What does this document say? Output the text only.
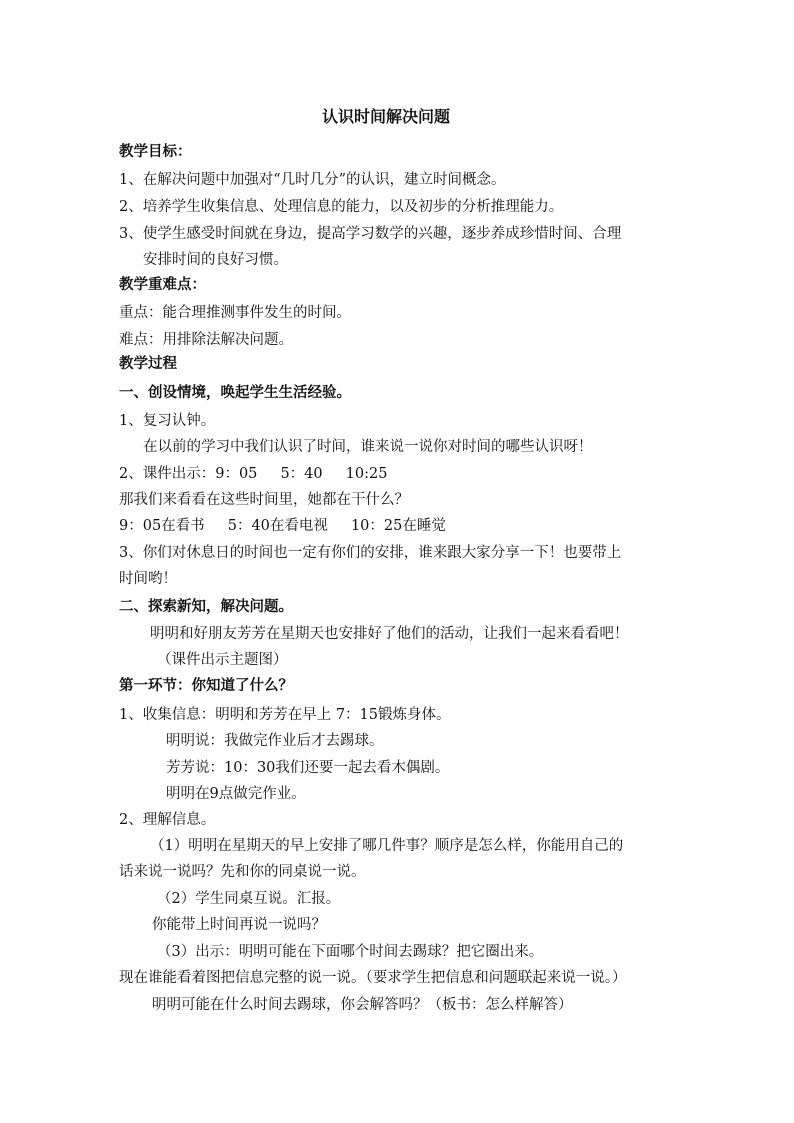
认识时间解决问题
教学目标：
1、在解决问题中加强对“几时几分”的认识，建立时间概念。
2、培养学生收集信息、处理信息的能力，以及初步的分析推理能力。
3、使学生感受时间就在身边，提高学习数学的兴趣，逐步养成珍惜时间、合理
安排时间的良好习惯。
教学重难点：
重点：能合理推测事件发生的时间。
难点：用排除法解决问题。
教学过程
一、创设情境，唤起学生生活经验。
1、复习认钟。
在以前的学习中我们认识了时间，谁来说一说你对时间的哪些认识呀！
2、课件出示：9：05     5：40     10:25
那我们来看看在这些时间里，她都在干什么？
9：05在看书     5：40在看电视     10：25在睡觉
3、你们对休息日的时间也一定有你们的安排，谁来跟大家分享一下！也要带上
时间哟！
二、探索新知，解决问题。
明明和好朋友芳芳在星期天也安排好了他们的活动，让我们一起来看看吧！
（课件出示主题图）
第一环节：你知道了什么？
1、收集信息：明明和芳芳在早上 7：15锻炼身体。
明明说：我做完作业后才去踢球。
芳芳说：10：30我们还要一起去看木偶剧。
明明在9点做完作业。
2、理解信息。
（1）明明在星期天的早上安排了哪几件事？顺序是怎么样，你能用自己的
话来说一说吗？先和你的同桌说一说。
（2）学生同桌互说。汇报。
你能带上时间再说一说吗？
（3）出示：明明可能在下面哪个时间去踢球？把它圈出来。
现在谁能看着图把信息完整的说一说。（要求学生把信息和问题联起来说一说。）
明明可能在什么时间去踢球，你会解答吗？（板书：怎么样解答）
